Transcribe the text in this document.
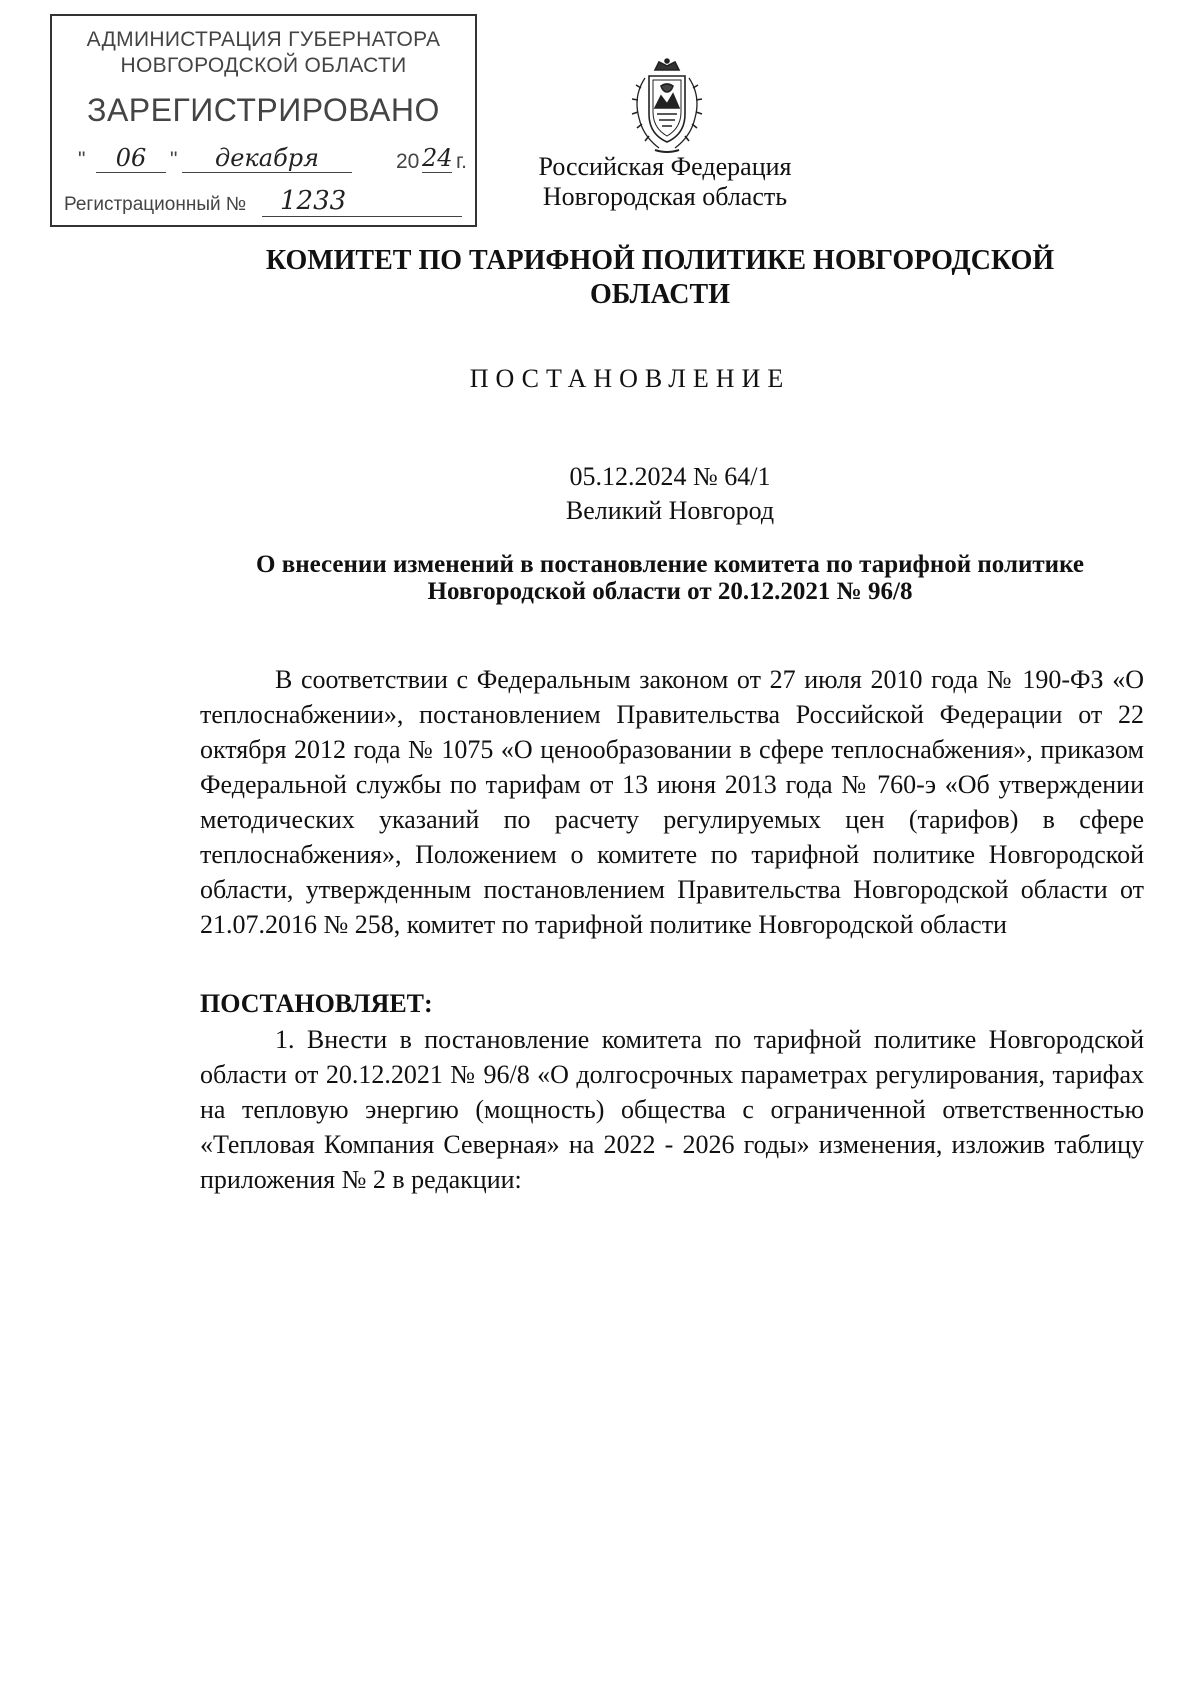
АДМИНИСТРАЦИЯ ГУБЕРНАТОРА
НОВГОРОДСКОЙ ОБЛАСТИ
ЗАРЕГИСТРИРОВАНО
"	06	"	декабря	20 24 г.
Регистрационный № 1233
Российская Федерация
Новгородская область
КОМИТЕТ ПО ТАРИФНОЙ ПОЛИТИКЕ НОВГОРОДСКОЙ ОБЛАСТИ
ПОСТАНОВЛЕНИЕ
05.12.2024 № 64/1
Великий Новгород
О внесении изменений в постановление комитета по тарифной политике Новгородской области от 20.12.2021 № 96/8
В соответствии с Федеральным законом от 27 июля 2010 года № 190-ФЗ «О теплоснабжении», постановлением Правительства Российской Федерации от 22 октября 2012 года № 1075 «О ценообразовании в сфере теплоснабжения», приказом Федеральной службы по тарифам от 13 июня 2013 года № 760-э «Об утверждении методических указаний по расчету регулируемых цен (тарифов) в сфере теплоснабжения», Положением о комитете по тарифной политике Новгородской области, утвержденным постановлением Правительства Новгородской области от 21.07.2016 № 258, комитет по тарифной политике Новгородской области
ПОСТАНОВЛЯЕТ:
1. Внести в постановление комитета по тарифной политике Новгородской области от 20.12.2021 № 96/8 «О долгосрочных параметрах регулирования, тарифах на тепловую энергию (мощность) общества с ограниченной ответственностью «Тепловая Компания Северная» на 2022 - 2026 годы» изменения, изложив таблицу приложения № 2 в редакции:
